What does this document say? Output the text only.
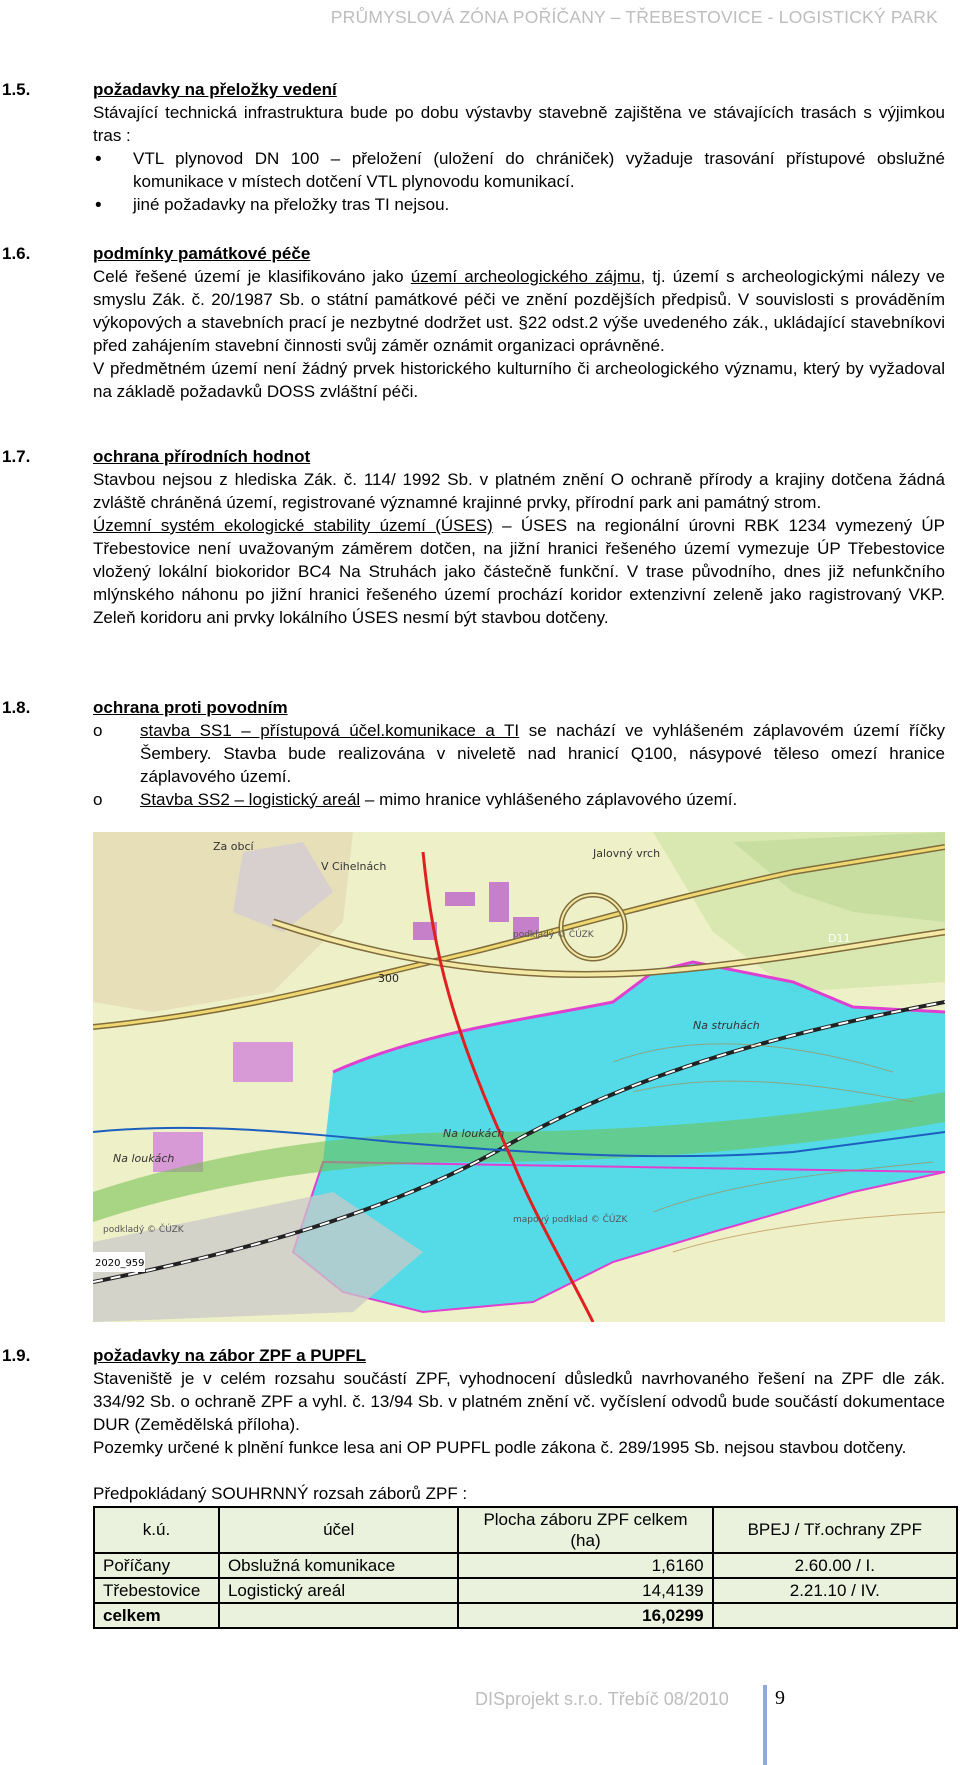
PRŮMYSLOVÁ ZÓNA POŘÍČANY – TŘEBESTOVICE - LOGISTICKÝ PARK
1.5.	požadavky na přeložky vedení
Stávající technická infrastruktura bude po dobu výstavby stavebně zajištěna ve stávajících trasách s výjimkou tras :
• VTL plynovod DN 100 – přeložení (uložení do chrániček) vyžaduje trasování přístupové obslužné komunikace v místech dotčení VTL plynovodu komunikací.
• jiné požadavky na přeložky tras TI nejsou.
1.6.	podmínky památkové péče
Celé řešené území je klasifikováno jako území archeologického zájmu, tj. území s archeologickými nálezy ve smyslu Zák. č. 20/1987 Sb. o státní památkové péči ve znění pozdějších předpisů. V souvislosti s prováděním výkopových a stavebních prací je nezbytné dodržet ust. §22 odst.2 výše uvedeného zák., ukládající stavebníkovi před zahájením stavební činnosti svůj záměr oznámit organizaci oprávněné.
V předmětném území není žádný prvek historického kulturního či archeologického významu, který by vyžadoval na základě požadavků DOSS zvláštní péči.
1.7.	ochrana přírodních hodnot
Stavbou nejsou z hlediska Zák. č. 114/ 1992 Sb. v platném znění O ochraně přírody a krajiny dotčena žádná zvláště chráněná území, registrované významné krajinné prvky, přírodní park ani památný strom.
Územní systém ekologické stability území (ÚSES) – ÚSES na regionální úrovni RBK 1234 vymezený ÚP Třebestovice není uvažovaným záměrem dotčen, na jižní hranici řešeného území vymezuje ÚP Třebestovice vložený lokální biokoridor BC4 Na Struhách jako částečně funkční. V trase původního, dnes již nefunkčního mlýnského náhonu po jižní hranici řešeného území prochází koridor extenzivní zeleně jako ragistrovaný VKP. Zeleň koridoru ani prvky lokálního ÚSES nesmí být stavbou dotčeny.
1.8.	ochrana proti povodním
o stavba SS1 – přístupová účel.komunikace a TI se nachází ve vyhlášeném záplavovém území říčky Šembery. Stavba bude realizována v niveletě nad hranicí Q100, násypové těleso omezí hranice záplavového území.
o Stavba SS2 – logistický areál – mimo hranice vyhlášeného záplavového území.
V Cihelnách
Za obcí
Jalovný vrch
Na struhách
Na loukách
Na loukách
D11
300
2020_959
podkladý © ČÚZK
mapový podklad © ČÚZK
podkladý © ČÚZK
1.9.	požadavky na zábor ZPF a PUPFL
Staveniště je v celém rozsahu součástí ZPF, vyhodnocení důsledků navrhovaného řešení na ZPF dle zák. 334/92 Sb. o ochraně ZPF a vyhl. č. 13/94 Sb. v platném znění vč. vyčíslení odvodů bude součástí dokumentace DUR (Zemědělská příloha).
Pozemky určené k plnění funkce lesa ani OP PUPFL podle zákona č. 289/1995 Sb. nejsou stavbou dotčeny.
Předpokládaný SOUHRNNÝ rozsah záborů ZPF :
k.ú.	účel	Plocha záboru ZPF celkem (ha)	BPEJ / Tř.ochrany ZPF
Poříčany	Obslužná komunikace	1,6160	2.60.00 / I.
Třebestovice	Logistický areál	14,4139	2.21.10 / IV.
celkem		16,0299	
DISprojekt s.r.o. Třebíč 08/2010 9
